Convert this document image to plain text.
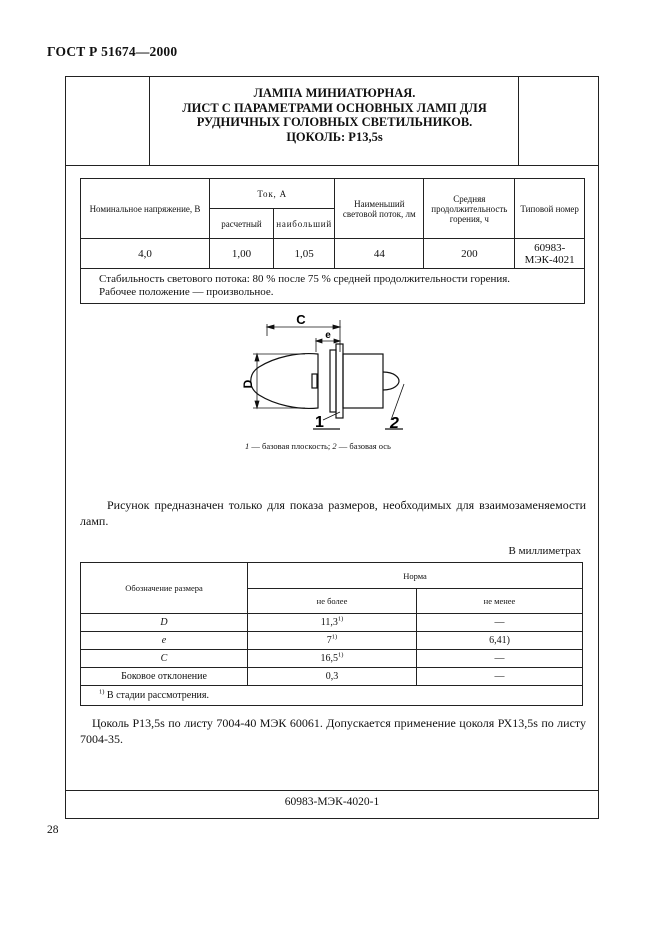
ГОСТ Р 51674—2000
ЛАМПА МИНИАТЮРНАЯ.
ЛИСТ С ПАРАМЕТРАМИ ОСНОВНЫХ ЛАМП ДЛЯ
РУДНИЧНЫХ ГОЛОВНЫХ СВЕТИЛЬНИКОВ.
ЦОКОЛЬ: Р13,5s
Номинальное напряжение, В	Ток, А		Наименьший световой поток, лм	Средняя продолжительность горения, ч	Типовой номер
	расчетный	наибольший			
4,0	1,00	1,05	44	200	60983-МЭК-4021

Стабильность светового потока: 80 % после 75 % средней продолжительности горения.
Рабочее положение — произвольное.					
C
e
D
1	2
1 — базовая плоскость; 2 — базовая ось
Рисунок предназначен только для показа размеров, необходимых для взаимозаменяемости ламп.
В миллиметрах
Обозначение размера	Норма	
	не более	не менее
D	11,3$^{1)}$	—
e	7$^{1)}$	6,41)
C	16,5$^{1)}$	—
Боковое отклонение	0,3	—
$^{1)}$ В стадии рассмотрения.		
Цоколь Р13,5s по листу 7004-40 МЭК 60061. Допускается применение цоколя РХ13,5s по листу 7004-35.
60983-МЭК-4020-1
28
